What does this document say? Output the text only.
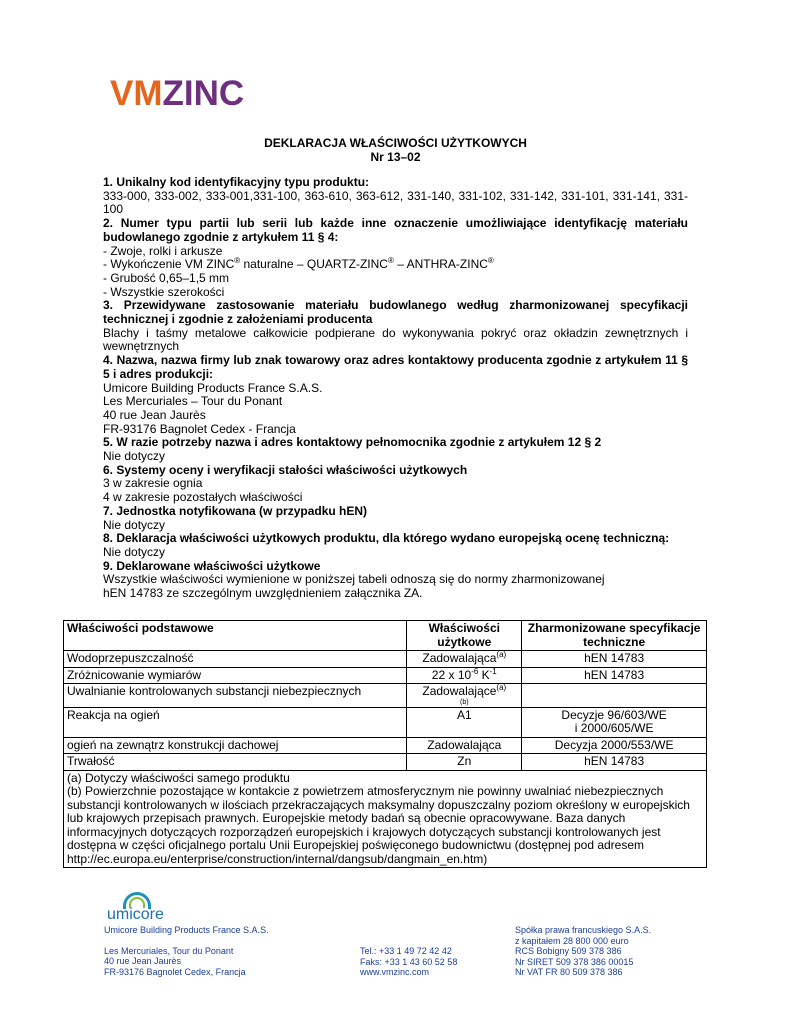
VMZINC
DEKLARACJA WŁAŚCIWOŚCI UŻYTKOWYCH
Nr 13–02

1. Unikalny kod identyfikacyjny typu produktu:

333-000, 333-002, 333-001,331-100, 363-610, 363-612, 331-140, 331-102, 331-142, 331-101, 331-141, 331-100

2. Numer typu partii lub serii lub każde inne oznaczenie umożliwiające identyfikację materiału budowlanego zgodnie z artykułem 11 § 4:

- Zwoje, rolki i arkusze

- Wykończenie VM ZINC® naturalne – QUARTZ-ZINC® – ANTHRA-ZINC®

- Grubość 0,65–1,5 mm

- Wszystkie szerokości

3. Przewidywane zastosowanie materiału budowlanego według zharmonizowanej specyfikacji technicznej i zgodnie z założeniami producenta

Blachy i taśmy metalowe całkowicie podpierane do wykonywania pokryć oraz okładzin zewnętrznych i wewnętrznych

4. Nazwa, nazwa firmy lub znak towarowy oraz adres kontaktowy producenta zgodnie z artykułem 11 § 5 i adres produkcji:

Umicore Building Products France S.A.S.

Les Mercuriales – Tour du Ponant

40 rue Jean Jaurès

FR-93176 Bagnolet Cedex - Francja

5. W razie potrzeby nazwa i adres kontaktowy pełnomocnika zgodnie z artykułem 12 § 2

Nie dotyczy

6. Systemy oceny i weryfikacji stałości właściwości użytkowych

3 w zakresie ognia

4 w zakresie pozostałych właściwości

7. Jednostka notyfikowana (w przypadku hEN)

Nie dotyczy

8. Deklaracja właściwości użytkowych produktu, dla którego wydano europejską ocenę techniczną:

Nie dotyczy

9. Deklarowane właściwości użytkowe

Wszystkie właściwości wymienione w poniższej tabeli odnoszą się do normy zharmonizowanej

hEN 14783 ze szczególnym uwzględnieniem załącznika ZA.

Właściwości podstawowe	Właściwości użytkowe	Zharmonizowane specyfikacje techniczne
Wodoprzepuszczalność	Zadowalająca$^{(a)}$	hEN 14783
Zróżnicowanie wymiarów	22 x $10^{-6}$ $K^{-1}$	hEN 14783
Uwalnianie kontrolowanych substancji niebezpiecznych	Zadowalające$^{(a)}$
(b)	

Reakcja na ogień	A1	Decyzje 96/603/WE
i 2000/605/WE
ogień na zewnątrz konstrukcji dachowej	Zadowalająca	Decyzja 2000/553/WE
Trwałość	Zn	hEN 14783

(a) Dotyczy właściwości samego produktu
(b) Powierzchnie pozostające w kontakcie z powietrzem atmosferycznym nie powinny uwalniać niebezpiecznych substancji kontrolowanych w ilościach przekraczających maksymalny dopuszczalny poziom określony w europejskich lub krajowych przepisach prawnych. Europejskie metody badań są obecnie opracowywane. Baza danych informacyjnych dotyczących rozporządzeń europejskich i krajowych dotyczących substancji kontrolowanych jest dostępna w części oficjalnego portalu Unii Europejskiej poświęconego budownictwu (dostępnej pod adresem http://ec.europa.eu/enterprise/construction/internal/dangsub/dangmain_en.htm)		
umicore
Umicore Building Products France S.A.S.
Les Mercuriales, Tour du Ponant
40 rue Jean Jaurès
FR-93176 Bagnolet Cedex, Francja
Tel.: +33 1 49 72 42 42
Faks: +33 1 43 60 52 58
www.vmzinc.com
Spółka prawa francuskiego S.A.S.
z kapitałem 28 800 000 euro
RCS Bobigny 509 378 386
Nr SIRET 509 378 386 00015
Nr VAT FR 80 509 378 386
